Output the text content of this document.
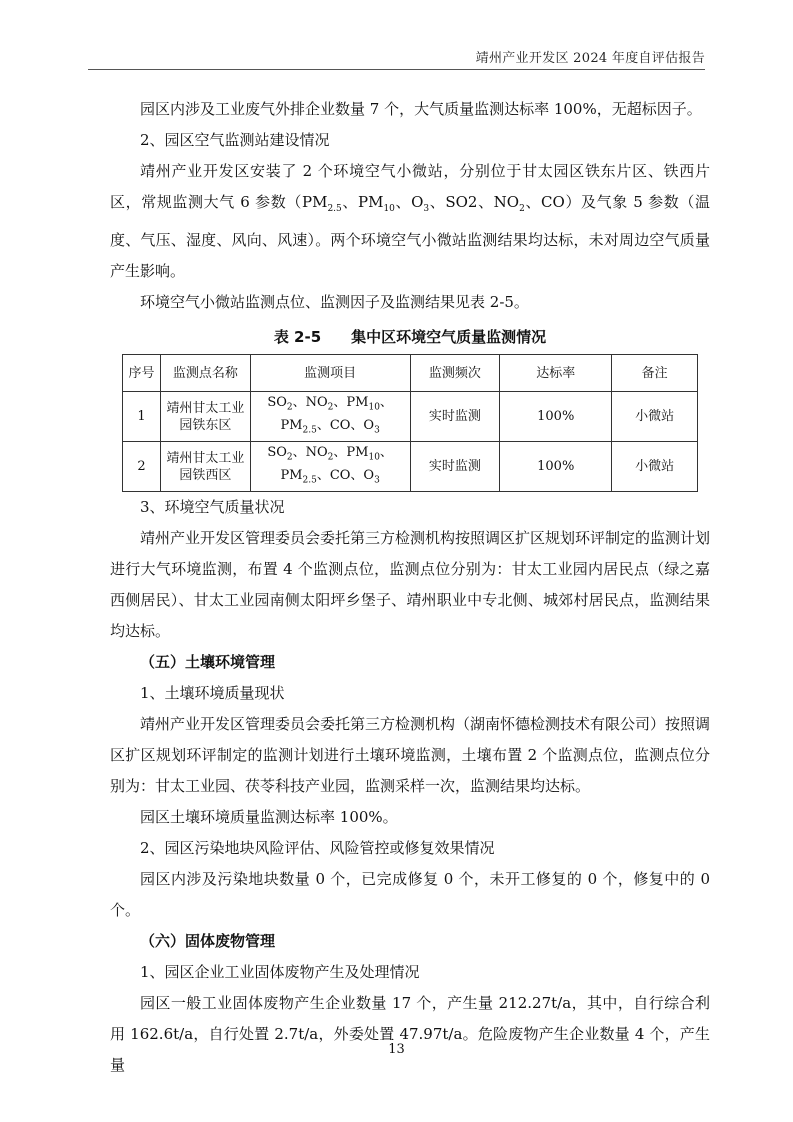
靖州产业开发区 2024 年度自评估报告

园区内涉及工业废气外排企业数量 7 个，大气质量监测达标率 100%，无超标因子。

2、园区空气监测站建设情况

靖州产业开发区安装了 2 个环境空气小微站，分别位于甘太园区铁东片区、铁西片区，常规监测大气 6 参数（$PM_{2.5}$、$PM_{10}$、$O_3$、SO2、$NO_2$、CO）及气象 5 参数（温度、气压、湿度、风向、风速）。两个环境空气小微站监测结果均达标，未对周边空气质量产生影响。

环境空气小微站监测点位、监测因子及监测结果见表 2-5。

表 2-5　　集中区环境空气质量监测情况
序号	监测点名称	监测项目	监测频次	达标率	备注
1	靖州甘太工业园铁东区	$SO_2$、$NO_2$、$PM_{10}$、$PM_{2.5}$、CO、$O_3$	实时监测	100%	小微站
2	靖州甘太工业园铁西区	$SO_2$、$NO_2$、$PM_{10}$、$PM_{2.5}$、CO、$O_3$	实时监测	100%	小微站

3、环境空气质量状况

靖州产业开发区管理委员会委托第三方检测机构按照调区扩区规划环评制定的监测计划进行大气环境监测，布置 4 个监测点位，监测点位分别为：甘太工业园内居民点（绿之嘉西侧居民）、甘太工业园南侧太阳坪乡堡子、靖州职业中专北侧、城郊村居民点，监测结果均达标。

（五）土壤环境管理

1、土壤环境质量现状

靖州产业开发区管理委员会委托第三方检测机构（湖南怀德检测技术有限公司）按照调区扩区规划环评制定的监测计划进行土壤环境监测，土壤布置 2 个监测点位，监测点位分别为：甘太工业园、茯苓科技产业园，监测采样一次，监测结果均达标。

园区土壤环境质量监测达标率 100%。

2、园区污染地块风险评估、风险管控或修复效果情况

园区内涉及污染地块数量 0 个，已完成修复 0 个，未开工修复的 0 个，修复中的 0 个。

（六）固体废物管理

1、园区企业工业固体废物产生及处理情况

园区一般工业固体废物产生企业数量 17 个，产生量 212.27t/a，其中，自行综合利用 162.6t/a，自行处置 2.7t/a，外委处置 47.97t/a。危险废物产生企业数量 4 个，产生量

13
